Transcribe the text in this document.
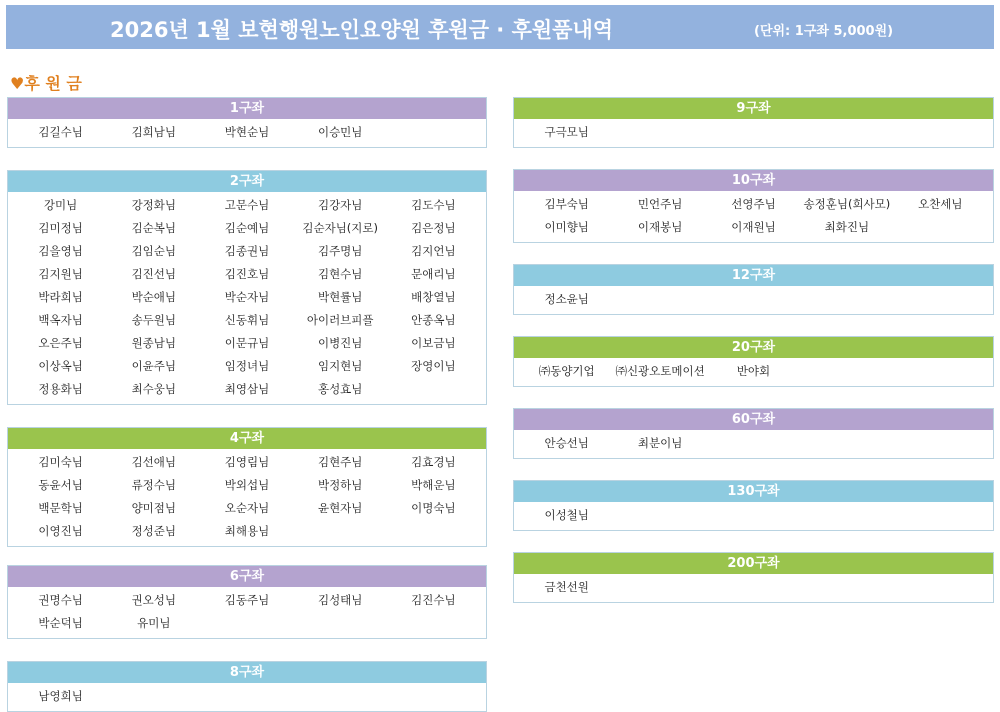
2026년 1월 보현행원노인요양원 후원금 · 후원품내역	(단위: 1구좌 5,000원)
♥후 원 금
1구좌
김길수님	김희남님	박현순님	이승민님
2구좌
강미님	강정화님	고문수님	김강자님	김도수님
김미정님	김순복님	김순예님	김순자님(지로)	김은정님
김을영님	김임순님	김종권님	김주명님	김지언님
김지원님	김진선님	김진호님	김현수님	문애리님
박라희님	박순애님	박순자님	박현률님	배창열님
백옥자님	송두원님	신동휘님	아이러브피플	안종옥님
오은주님	원종남님	이문규님	이병진님	이보금님
이상옥님	이윤주님	임정녀님	임지현님	장영이님
정용화님	최수웅님	최영삼님	홍성효님
4구좌
김미숙님	김선애님	김영림님	김현주님	김효경님
동윤서님	류정수님	박외섭님	박정하님	박해운님
백문학님	양미점님	오순자님	윤현자님	이명숙님
이영진님	정성준님	최해용님
6구좌
권명수님	권오성님	김동주님	김성태님	김진수님
박순덕님	유미님
8구좌
남영희님
9구좌
구극모님
10구좌
김부숙님	민언주님	선영주님	송정훈님(희사모)	오찬세님
이미향님	이재봉님	이재원님	최화진님
12구좌
정소윤님
20구좌
㈜동양기업	㈜신광오토메이션	반야회
60구좌
안승선님	최분이님
130구좌
이성철님
200구좌
금천선원
